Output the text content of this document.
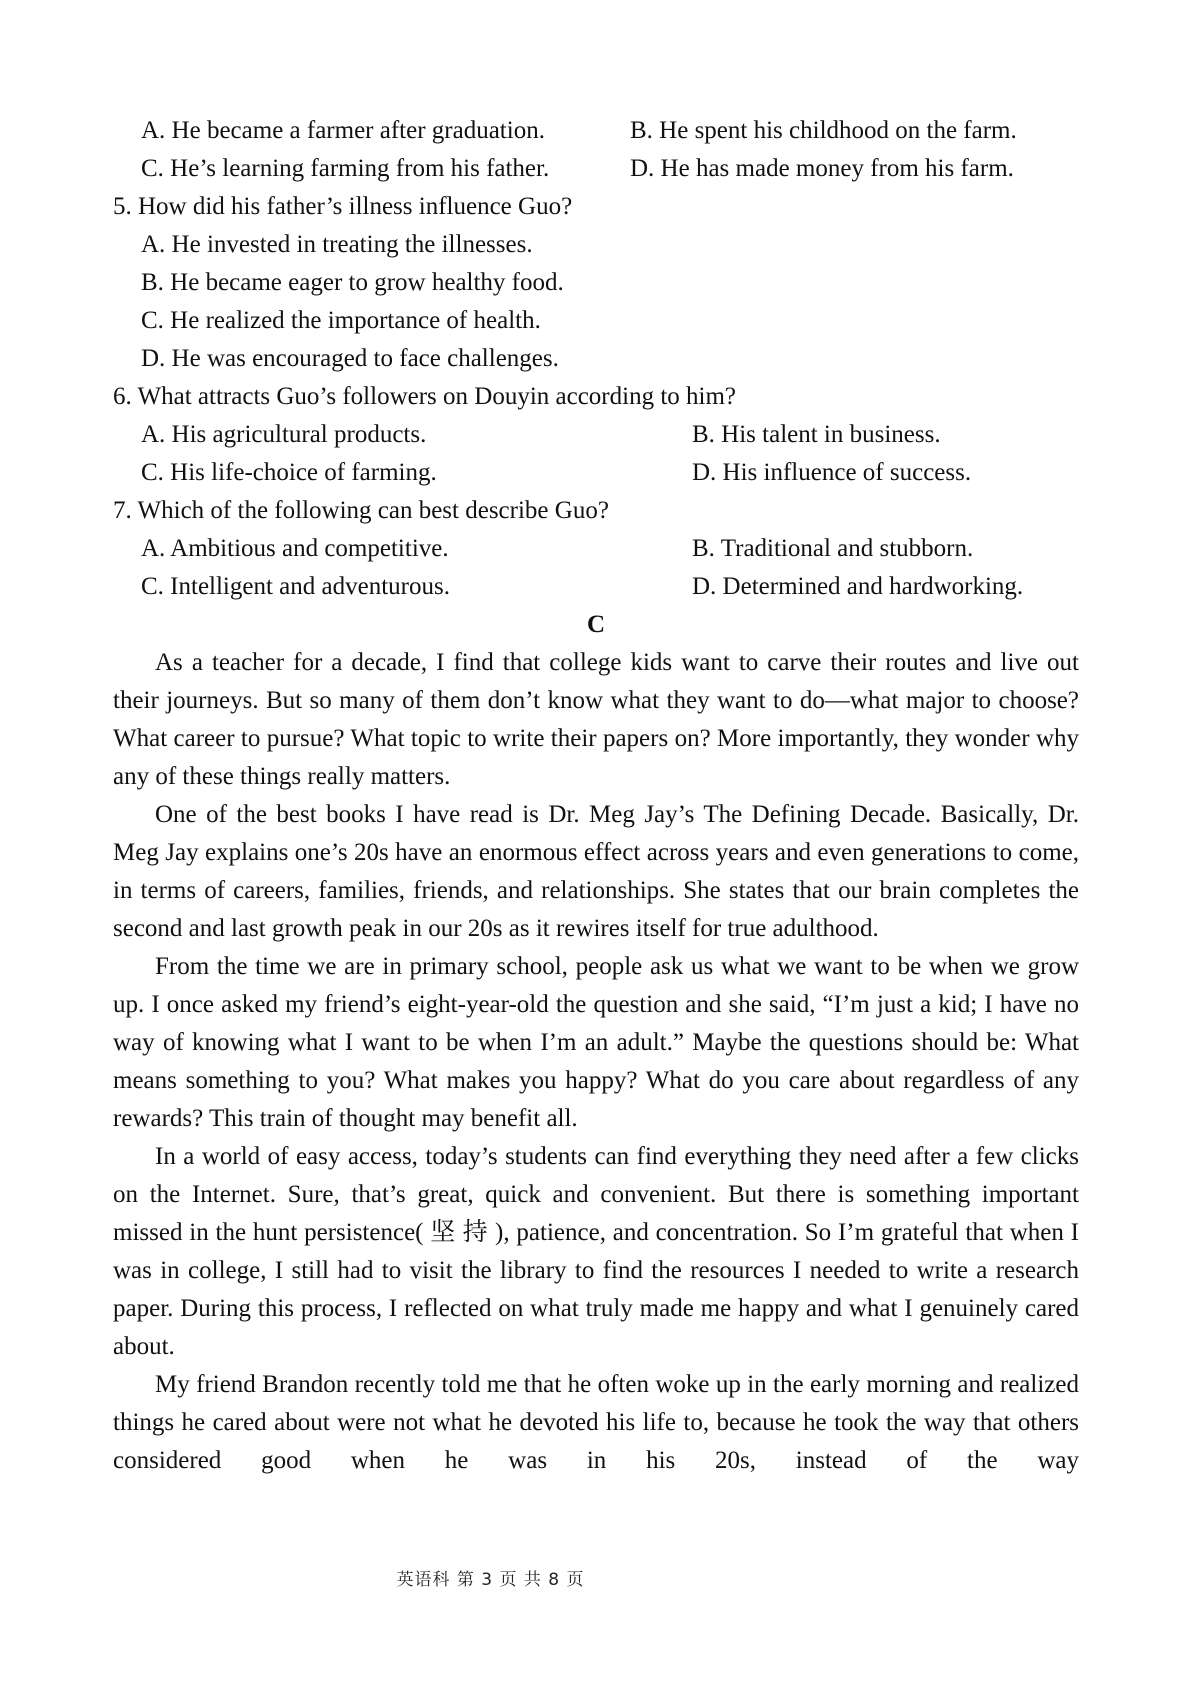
A. He became a farmer after graduation.	B. He spent his childhood on the farm.
C. He’s learning farming from his father.	D. He has made money from his farm.
5. How did his father’s illness influence Guo?
A. He invested in treating the illnesses.
B. He became eager to grow healthy food.
C. He realized the importance of health.
D. He was encouraged to face challenges.
6. What attracts Guo’s followers on Douyin according to him?
A. His agricultural products.	B. His talent in business.
C. His life-choice of farming.	D. His influence of success.
7. Which of the following can best describe Guo?
A. Ambitious and competitive.	B. Traditional and stubborn.
C. Intelligent and adventurous.	D. Determined and hardworking.
C

As a teacher for a decade, I find that college kids want to carve their routes and live out their journeys. But so many of them don’t know what they want to do—what major to choose? What career to pursue? What topic to write their papers on? More importantly, they wonder why any of these things really matters.

One of the best books I have read is Dr. Meg Jay’s The Defining Decade. Basically, Dr. Meg Jay explains one’s 20s have an enormous effect across years and even generations to come, in terms of careers, families, friends, and relationships. She states that our brain completes the second and last growth peak in our 20s as it rewires itself for true adulthood.

From the time we are in primary school, people ask us what we want to be when we grow up. I once asked my friend’s eight-year-old the question and she said, “I’m just a kid; I have no way of knowing what I want to be when I’m an adult.” Maybe the questions should be: What means something to you? What makes you happy? What do you care about regardless of any rewards? This train of thought may benefit all.

In a world of easy access, today’s students can find everything they need after a few clicks on the Internet. Sure, that’s great, quick and convenient. But there is something important missed in the hunt persistence( 坚 持 ), patience, and concentration. So I’m grateful that when I was in college, I still had to visit the library to find the resources I needed to write a research paper. During this process, I reflected on what truly made me happy and what I genuinely cared about.

My friend Brandon recently told me that he often woke up in the early morning and realized things he cared about were not what he devoted his life to, because he took the way that others considered good when he was in his 20s, instead of the way

英语科 第 3 页 共 8 页
